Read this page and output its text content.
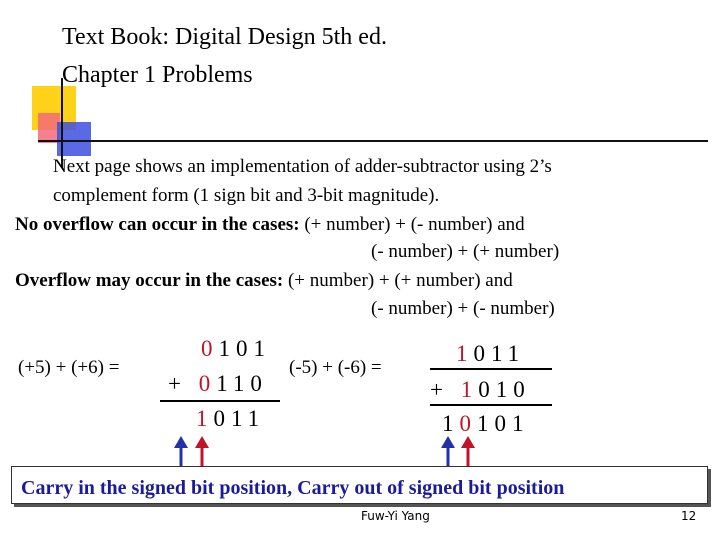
Text Book: Digital Design 5th ed.
Chapter 1 Problems
Next page shows an implementation of adder-subtractor using 2’s
complement form (1 sign bit and 3-bit magnitude).
No overflow can occur in the cases: (+ number) + (- number) and
(- number) + (+ number)
Overflow may occur in the cases: (+ number) + (+ number) and
(- number) + (- number)
(+5) + (+6) =
0101
+ 0110
1011
(-5) + (-6) =
1011
+ 1010
10101
Carry in the signed bit position, Carry out of signed bit position
Fuw-Yi Yang	12
